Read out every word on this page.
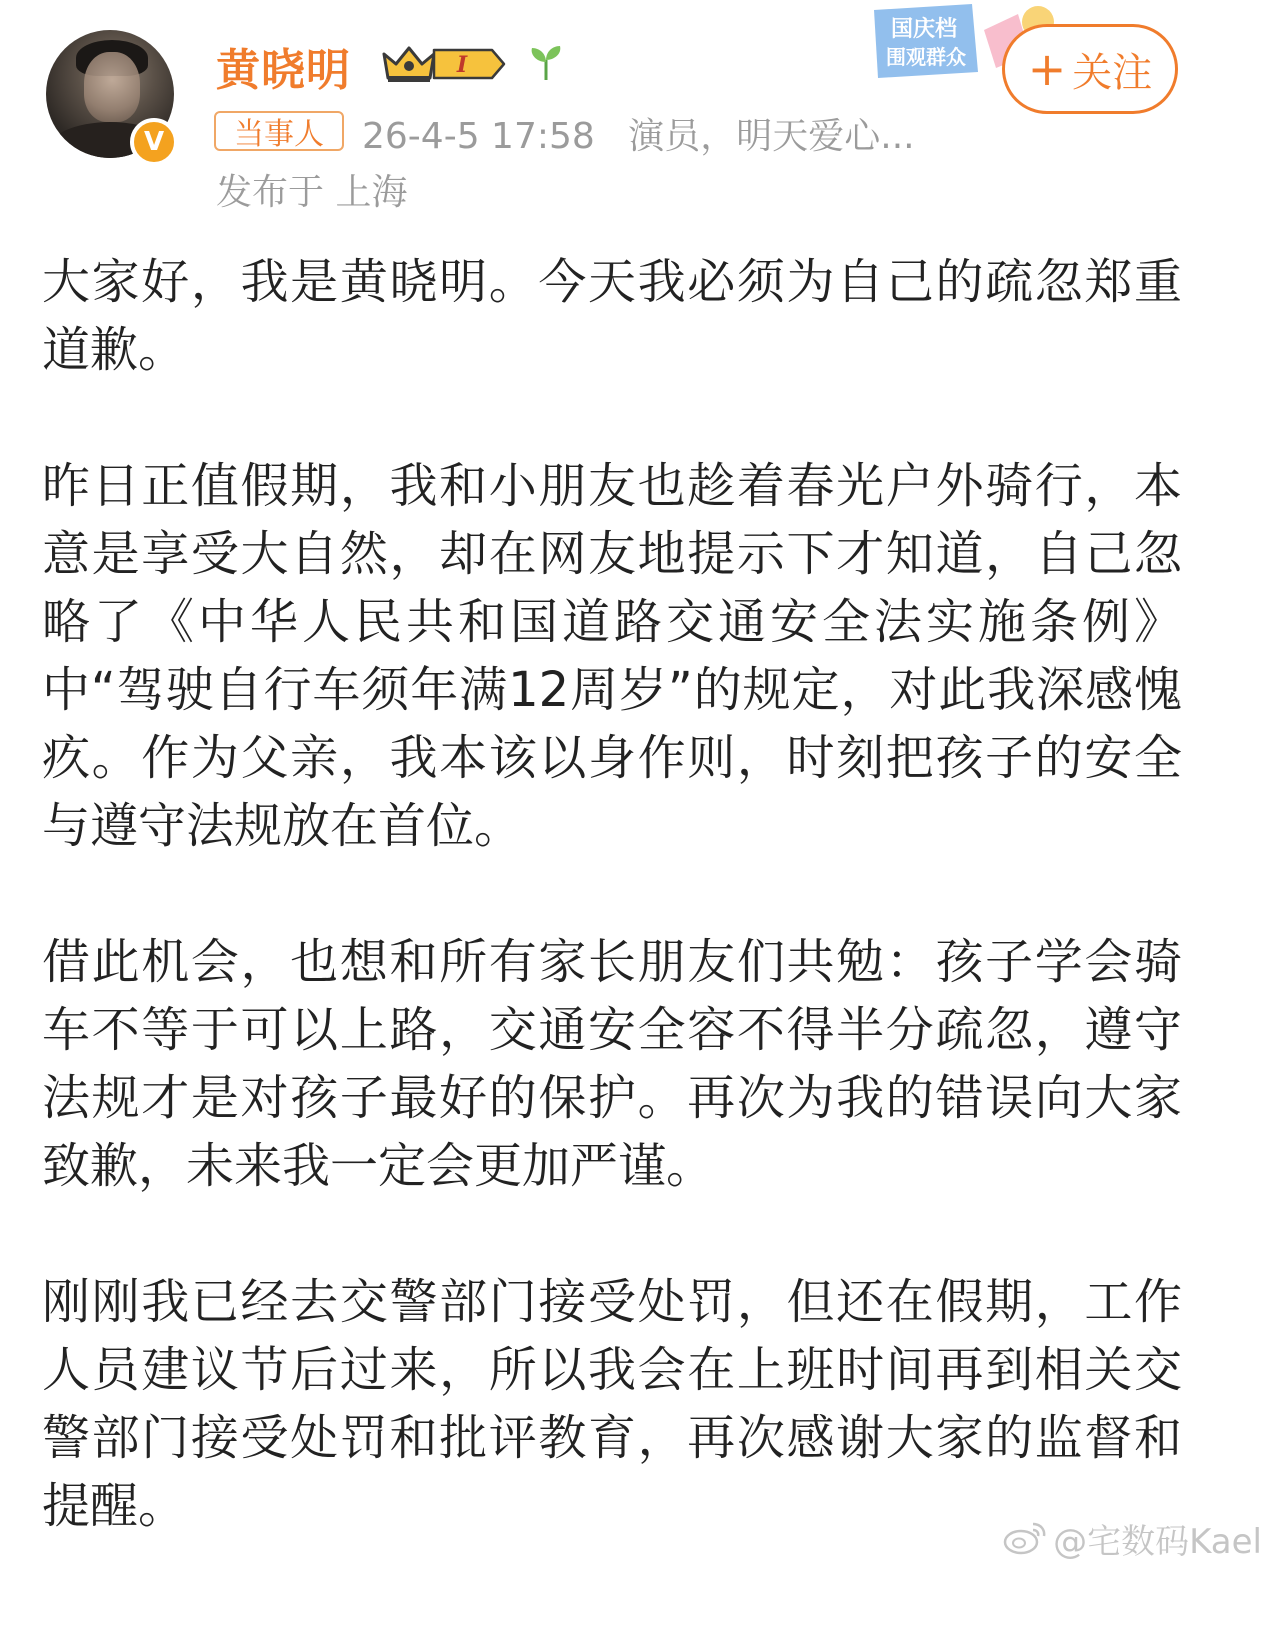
V
黄晓明	I
国庆档
围观群众 + 关注
当事人	26-4-5 17:58 演员，明天爱心...
发布于 上海

大家好，我是黄晓明。今天我必须为自己的疏忽郑重道歉。

昨日正值假期，我和小朋友也趁着春光户外骑行，本意是享受大自然，却在网友地提示下才知道，自己忽略了《中华人民共和国道路交通安全法实施条例》中“驾驶自行车须年满12周岁”的规定，对此我深感愧疚。作为父亲，我本该以身作则，时刻把孩子的安全与遵守法规放在首位。

借此机会，也想和所有家长朋友们共勉：孩子学会骑车不等于可以上路，交通安全容不得半分疏忽，遵守法规才是对孩子最好的保护。再次为我的错误向大家致歉，未来我一定会更加严谨。

刚刚我已经去交警部门接受处罚，但还在假期，工作人员建议节后过来，所以我会在上班时间再到相关交警部门接受处罚和批评教育，再次感谢大家的监督和提醒。

@宅数码Kael
